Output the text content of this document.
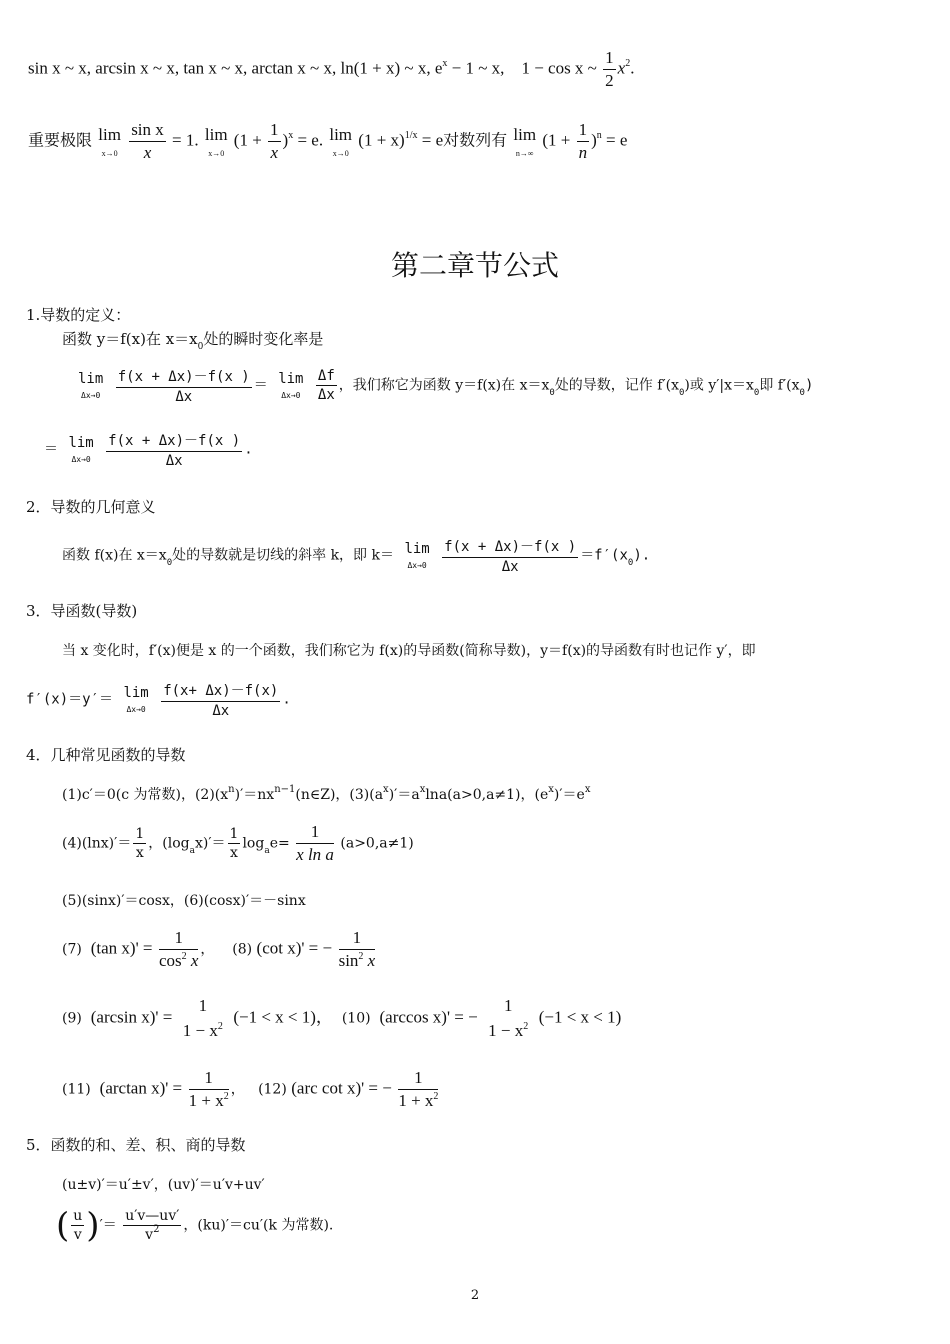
sin x ~ x, arcsin x ~ x, tan x ~ x, arctan x ~ x, ln(1 + x) ~ x, $e^x - 1$ ~ x, 1 − cos x ~ $\frac{1}{2} x^2$.
重要极限 lim
x→0
$\frac{\text{sin x}}{x} = 1$. lim
x→0
$(1 + \frac{1}{x} )^x = e$. lim
x→0
$(1 + x)^{1/x} = e$对数列有 lim
n→∞
$(1 + \frac{1}{n} )^n = e$
第二章节公式
1.导数的定义：
函数 y＝f(x)在 $x=x_0$处的瞬时变化率是
lim
Δx→0
$\frac{f(x + \Delta x)-f(x )}{\Delta x} = \lim$
Δx→0
$\frac{\Delta f}{\Delta x}$ ，我们称它为函数 y＝f(x)在 $x=x_0$处的导数，记作 $f'(x_0)$或 $y'|x=x_0$即 $f'(x_0)$
＝ lim
Δx→0
$\frac{f(x + \Delta x)-f(x )}{\Delta x}$ .
2．导数的几何意义
函数 f(x)在 $x=x_0$处的导数就是切线的斜率 k，即 k＝ lim
Δx→0
$\frac{f(x + \Delta x)-f(x )}{\Delta x} =f'(x_0)$.
3．导函数(导数)
当 x 变化时，f′(x)便是 x 的一个函数，我们称它为 f(x)的导函数(简称导数)，y＝f(x)的导函数有时也记作 y′，即
f′(x)＝y′＝ lim
Δx→0
$\frac{f(x+ \Delta x)-f(x)}{\Delta x}$ .
4．几种常见函数的导数
(1)c′＝0(c 为常数)，$(2)(x^n)'=nx^{n-1}(n\in Z)$，$(3)(a^x)'=a^x\ln a(a>0,a\ne 1)$，$(e^x)'=e^x$
$(4)(\ln x)'= \frac{1}{x}$ ，$(\log_ax)'= \frac{1}{x} \log_ae= \frac{1}{\text{x ln a}} (a>0,a\ne 1)$
(5)(sinx)′＝cosx，(6)(cosx)′＝－sinx
(7) (tan $x)' = \frac{1}{\cos^2 x}$ ， (8) (cot x)' = − $\frac{1}{\sin^2 x}$
(9) (arcsin x)' =
1
$1 - x^2$ (−1 < x < 1)， (10) (arccos x)' = −
1
$1 - x^2$ (−1 < x < 1)
(11) (arctan $x)' = \frac{1}{1 + x^2}$ ， (12) (arc cot x)' = − $\frac{1}{1 + x^2}$
5．函数的和、差、积、商的导数
(u±v)′＝u′±v′，(uv)′＝u′v+uv′
( $\frac{u}{v}$ )′＝ $\frac{u'v—uv'}{v^2}$ ，(ku)′＝cu′(k 为常数).
2
